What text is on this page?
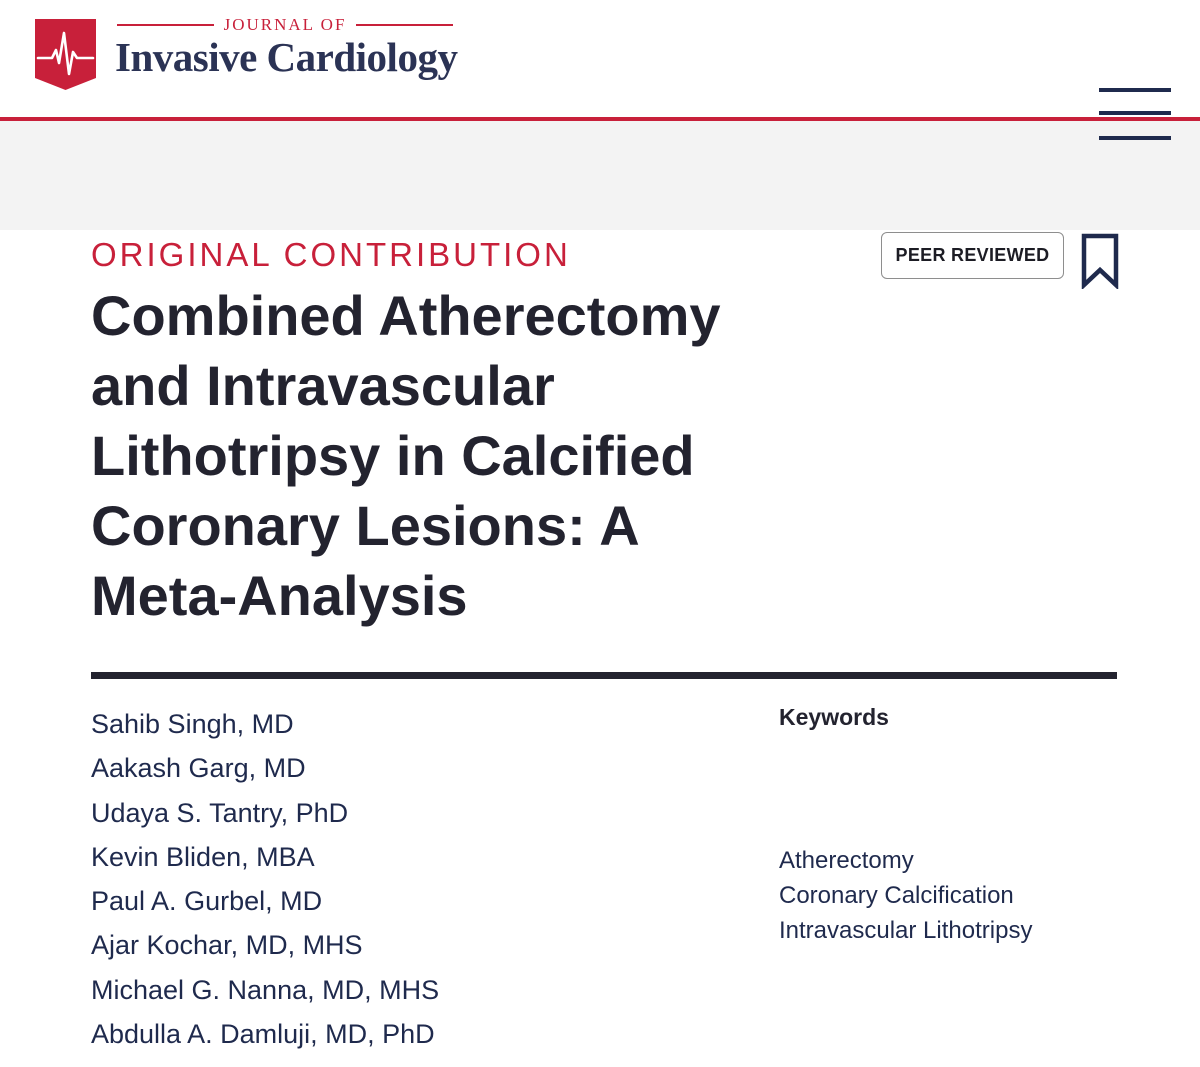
JOURNAL OF
Invasive Cardiology
ORIGINAL CONTRIBUTION	PEER REVIEWED
Combined Atherectomy and Intravascular Lithotripsy in Calcified Coronary Lesions: A Meta-Analysis
Sahib Singh, MD
Aakash Garg, MD
Udaya S. Tantry, PhD
Kevin Bliden, MBA
Paul A. Gurbel, MD
Ajar Kochar, MD, MHS
Michael G. Nanna, MD, MHS
Abdulla A. Damluji, MD, PhD
Keywords
Atherectomy
Coronary Calcification
Intravascular Lithotripsy
